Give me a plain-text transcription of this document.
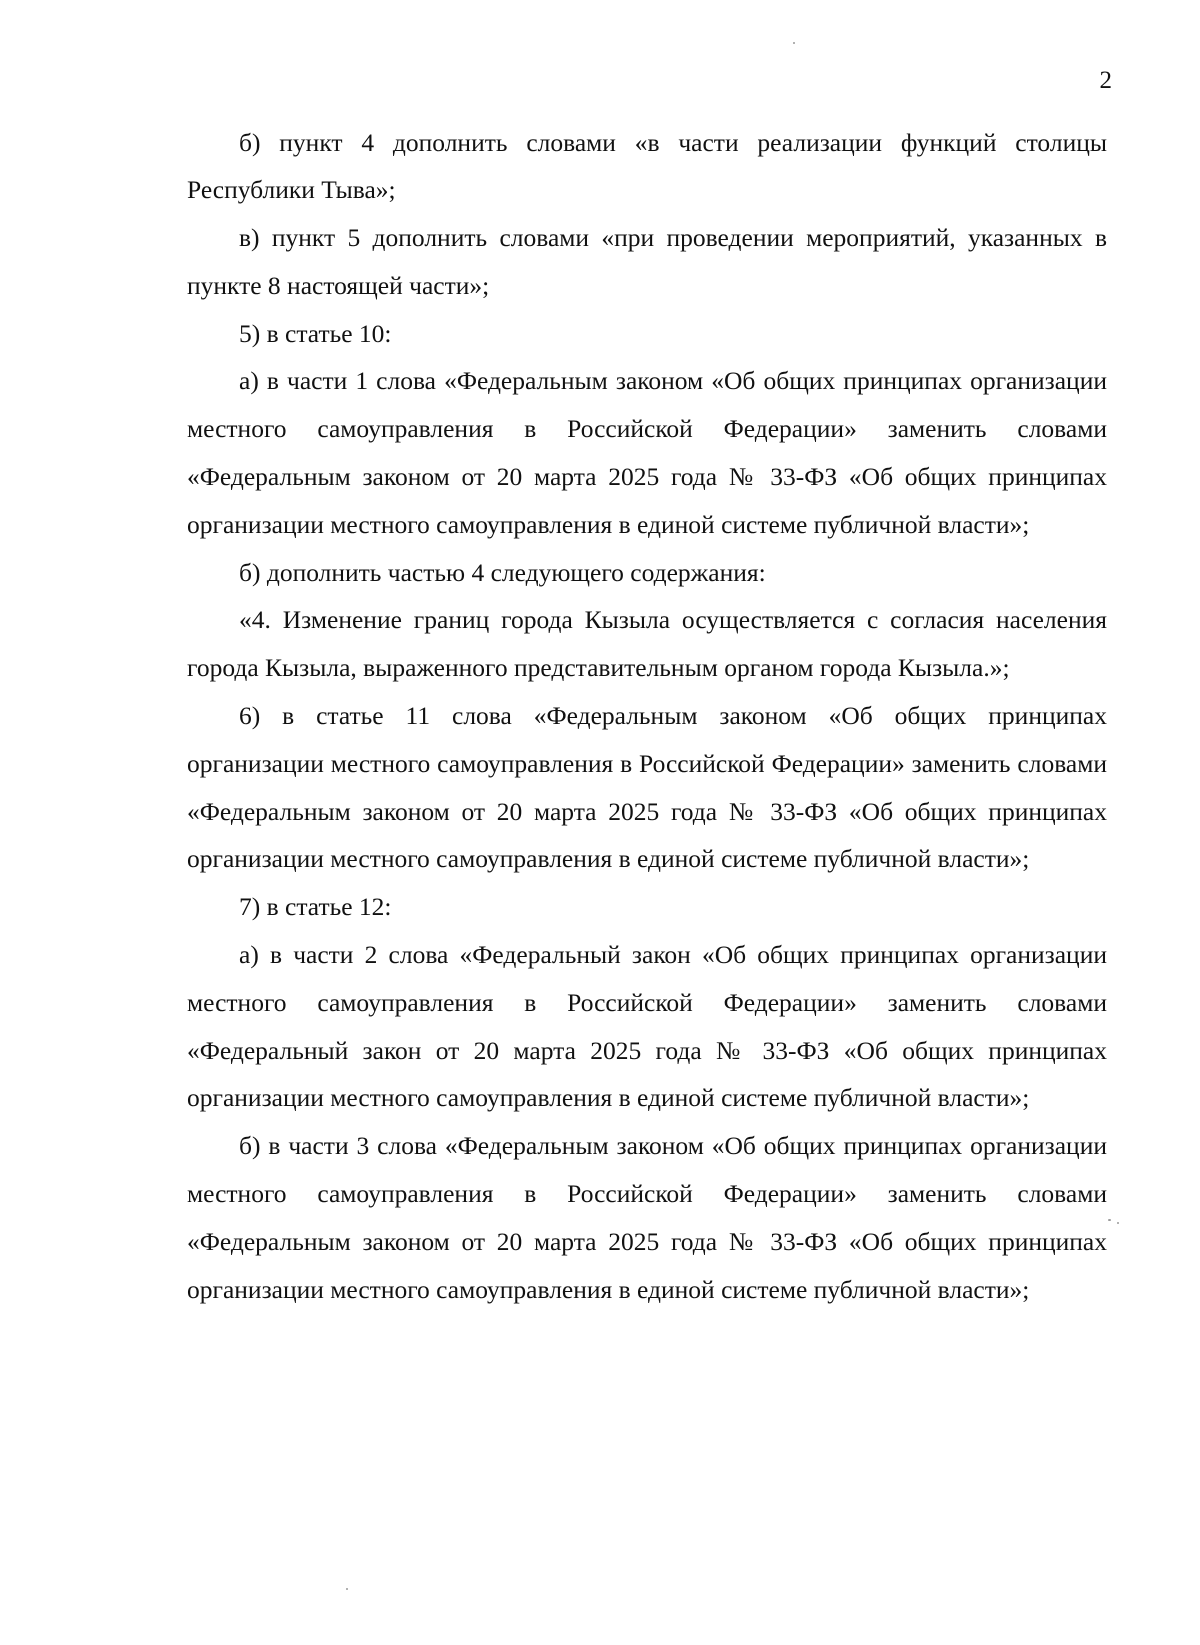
2

б) пункт 4 дополнить словами «в части реализации функций столицы Республики Тыва»;

в) пункт 5 дополнить словами «при проведении мероприятий, указанных в пункте 8 настоящей части»;

5) в статье 10:

а) в части 1 слова «Федеральным законом «Об общих принципах организации местного самоуправления в Российской Федерации» заменить словами «Федеральным законом от 20 марта 2025 года № 33-ФЗ «Об общих принципах организации местного самоуправления в единой системе публичной власти»;

б) дополнить частью 4 следующего содержания:

«4. Изменение границ города Кызыла осуществляется с согласия населения города Кызыла, выраженного представительным органом города Кызыла.»;

6) в статье 11 слова «Федеральным законом «Об общих принципах организации местного самоуправления в Российской Федерации» заменить словами «Федеральным законом от 20 марта 2025 года № 33-ФЗ «Об общих принципах организации местного самоуправления в единой системе публичной власти»;

7) в статье 12:

а) в части 2 слова «Федеральный закон «Об общих принципах организации местного самоуправления в Российской Федерации» заменить словами «Федеральный закон от 20 марта 2025 года № 33-ФЗ «Об общих принципах организации местного самоуправления в единой системе публичной власти»;

б) в части 3 слова «Федеральным законом «Об общих принципах организации местного самоуправления в Российской Федерации» заменить словами «Федеральным законом от 20 марта 2025 года № 33-ФЗ «Об общих принципах организации местного самоуправления в единой системе публичной власти»;
